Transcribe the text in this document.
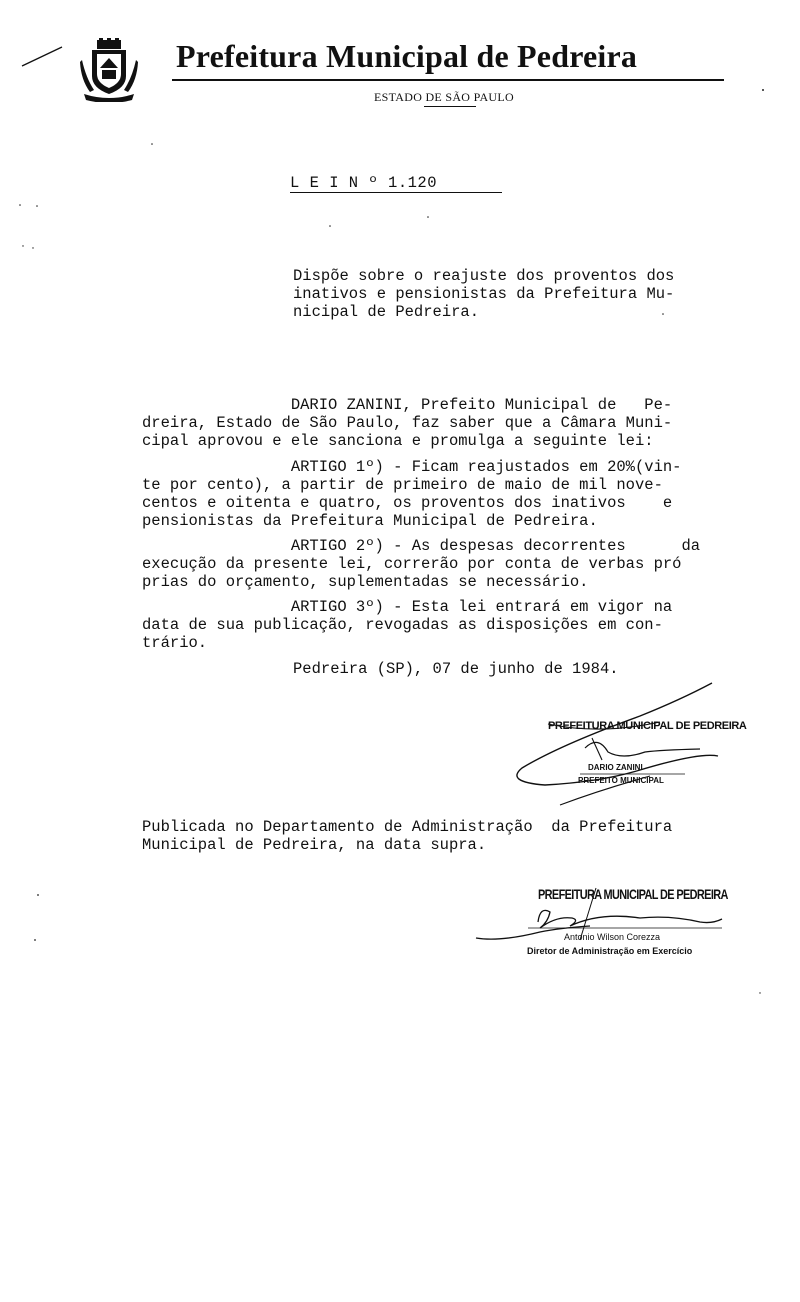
Prefeitura Municipal de Pedreira
ESTADO DE SÃO PAULO
L E I N º 1.120
Dispõe sobre o reajuste dos proventos dos
inativos e pensionistas da Prefeitura Mu-
nicipal de Pedreira.
DARIO ZANINI, Prefeito Municipal de   Pe-
dreira, Estado de São Paulo, faz saber que a Câmara Muni-
cipal aprovou e ele sanciona e promulga a seguinte lei:
ARTIGO 1º) - Ficam reajustados em 20%(vin-
te por cento), a partir de primeiro de maio de mil nove-
centos e oitenta e quatro, os proventos dos inativos    e
pensionistas da Prefeitura Municipal de Pedreira.
ARTIGO 2º) - As despesas decorrentes      da
execução da presente lei, correrão por conta de verbas pró
prias do orçamento, suplementadas se necessário.
ARTIGO 3º) - Esta lei entrará em vigor na
data de sua publicação, revogadas as disposições em con-
trário.
Pedreira (SP), 07 de junho de 1984.
PREFEITURA MUNICIPAL DE PEDREIRA
DARIO ZANINI
PREFEITO MUNICIPAL
Publicada no Departamento de Administração  da Prefeitura
Municipal de Pedreira, na data supra.
PREFEITURA MUNICIPAL DE PEDREIRA
Antonio Wilson Corezza
Diretor de Administração em Exercício
